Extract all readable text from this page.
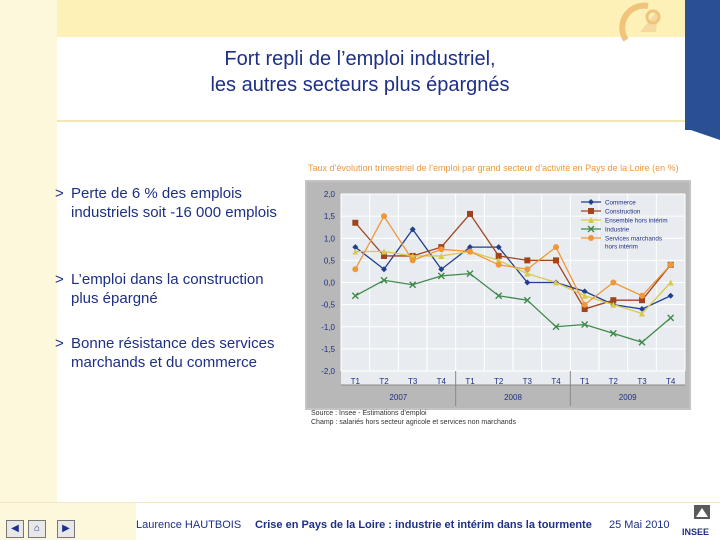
Fort repli de l’emploi industriel,
les autres secteurs plus épargnés
> Perte de 6 % des emplois industriels soit -16 000 emplois
> L’emploi dans la construction plus épargné
> Bonne résistance des services marchands et du commerce
Taux d’évolution trimestriel de l’emploi par grand secteur d’activité en Pays de la Loire (en %)
2,0
1,5
1,0
0,5
0,0
-0,5
-1,0
-1,5
-2,0
T1 T2 T3 T4 T1 T2 T3 T4 T1 T2 T3 T4
2007	2008	2009
Commerce
Construction
Ensemble hors intérim
Industrie
Services marchands hors intérim
Source : Insee - Estimations d’emploi
Champ : salariés hors secteur agricole et services non marchands
◀	⌂	▶	Laurence HAUTBOIS Crise en Pays de la Loire : industrie et intérim dans la tourmente 25 Mai 2010
INSEE
